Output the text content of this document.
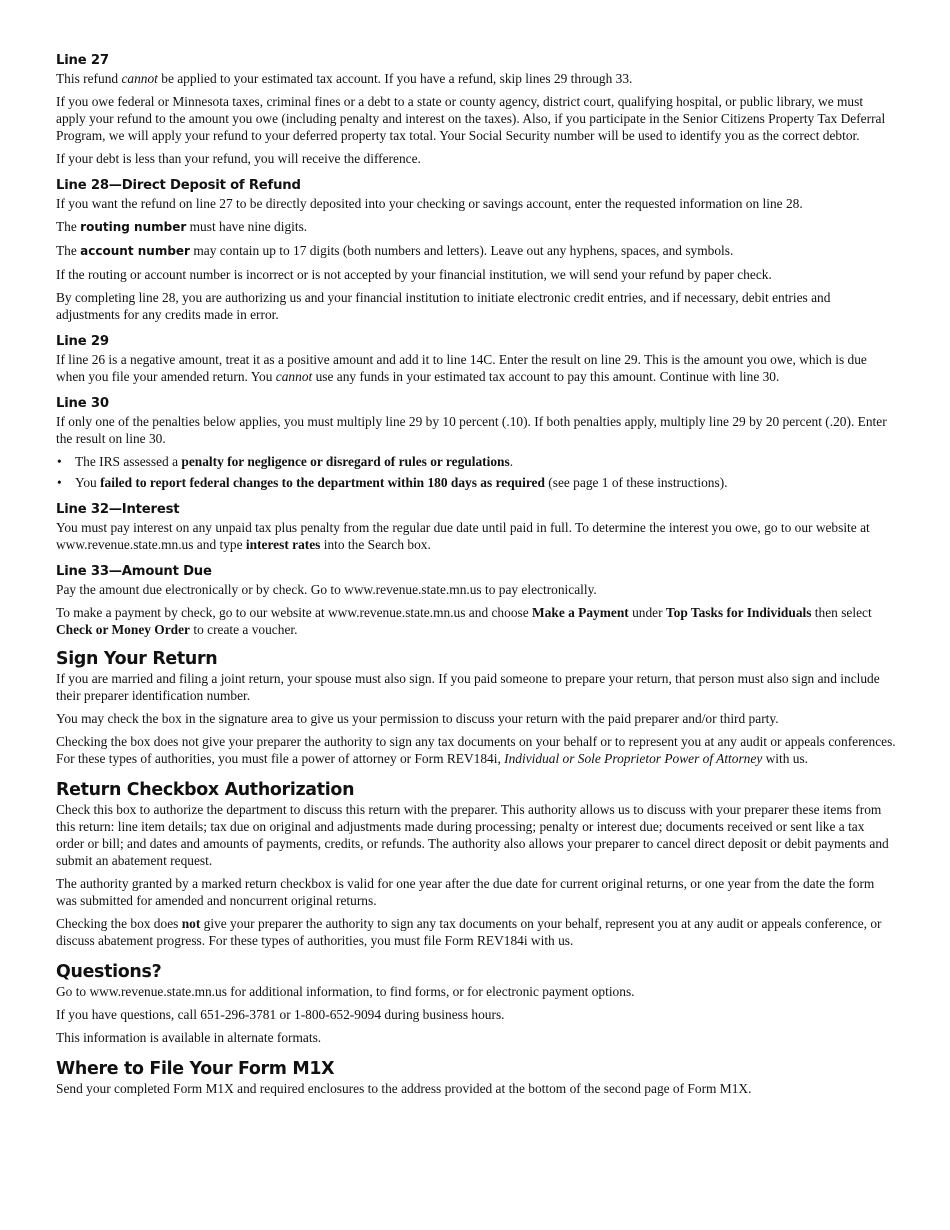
Line 27

This refund cannot be applied to your estimated tax account. If you have a refund, skip lines 29 through 33.

If you owe federal or Minnesota taxes, criminal fines or a debt to a state or county agency, district court, qualifying hospital, or public library, we must apply your refund to the amount you owe (including penalty and interest on the taxes). Also, if you participate in the Senior Citizens Property Tax Deferral Program, we will apply your refund to your deferred property tax total. Your Social Security number will be used to identify you as the correct debtor.

If your debt is less than your refund, you will receive the difference.

Line 28—Direct Deposit of Refund

If you want the refund on line 27 to be directly deposited into your checking or savings account, enter the requested information on line 28.

The routing number must have nine digits.

The account number may contain up to 17 digits (both numbers and letters). Leave out any hyphens, spaces, and symbols.

If the routing or account number is incorrect or is not accepted by your financial institution, we will send your refund by paper check.

By completing line 28, you are authorizing us and your financial institution to initiate electronic credit entries, and if necessary, debit entries and adjustments for any credits made in error.

Line 29

If line 26 is a negative amount, treat it as a positive amount and add it to line 14C. Enter the result on line 29. This is the amount you owe, which is due when you file your amended return. You cannot use any funds in your estimated tax account to pay this amount. Continue with line 30.

Line 30

If only one of the penalties below applies, you must multiply line 29 by 10 percent (.10). If both penalties apply, multiply line 29 by 20 percent (.20). Enter the result on line 30.

• The IRS assessed a penalty for negligence or disregard of rules or regulations.
• You failed to report federal changes to the department within 180 days as required (see page 1 of these instructions).
Line 32—Interest

You must pay interest on any unpaid tax plus penalty from the regular due date until paid in full. To determine the interest you owe, go to our website at www.revenue.state.mn.us and type interest rates into the Search box.

Line 33—Amount Due

Pay the amount due electronically or by check. Go to www.revenue.state.mn.us to pay electronically.

To make a payment by check, go to our website at www.revenue.state.mn.us and choose Make a Payment under Top Tasks for Individuals then select Check or Money Order to create a voucher.

Sign Your Return

If you are married and filing a joint return, your spouse must also sign. If you paid someone to prepare your return, that person must also sign and include their preparer identification number.

You may check the box in the signature area to give us your permission to discuss your return with the paid preparer and/or third party.

Checking the box does not give your preparer the authority to sign any tax documents on your behalf or to represent you at any audit or appeals conferences. For these types of authorities, you must file a power of attorney or Form REV184i, Individual or Sole Proprietor Power of Attorney with us.

Return Checkbox Authorization

Check this box to authorize the department to discuss this return with the preparer. This authority allows us to discuss with your preparer these items from this return: line item details; tax due on original and adjustments made during processing; penalty or interest due; documents received or sent like a tax order or bill; and dates and amounts of payments, credits, or refunds. The authority also allows your preparer to cancel direct deposit or debit payments and submit an abatement request.

The authority granted by a marked return checkbox is valid for one year after the due date for current original returns, or one year from the date the form was submitted for amended and noncurrent original returns.

Checking the box does not give your preparer the authority to sign any tax documents on your behalf, represent you at any audit or appeals conference, or discuss abatement progress. For these types of authorities, you must file Form REV184i with us.

Questions?

Go to www.revenue.state.mn.us for additional information, to find forms, or for electronic payment options.

If you have questions, call 651-296-3781 or 1-800-652-9094 during business hours.

This information is available in alternate formats.

Where to File Your Form M1X

Send your completed Form M1X and required enclosures to the address provided at the bottom of the second page of Form M1X.
